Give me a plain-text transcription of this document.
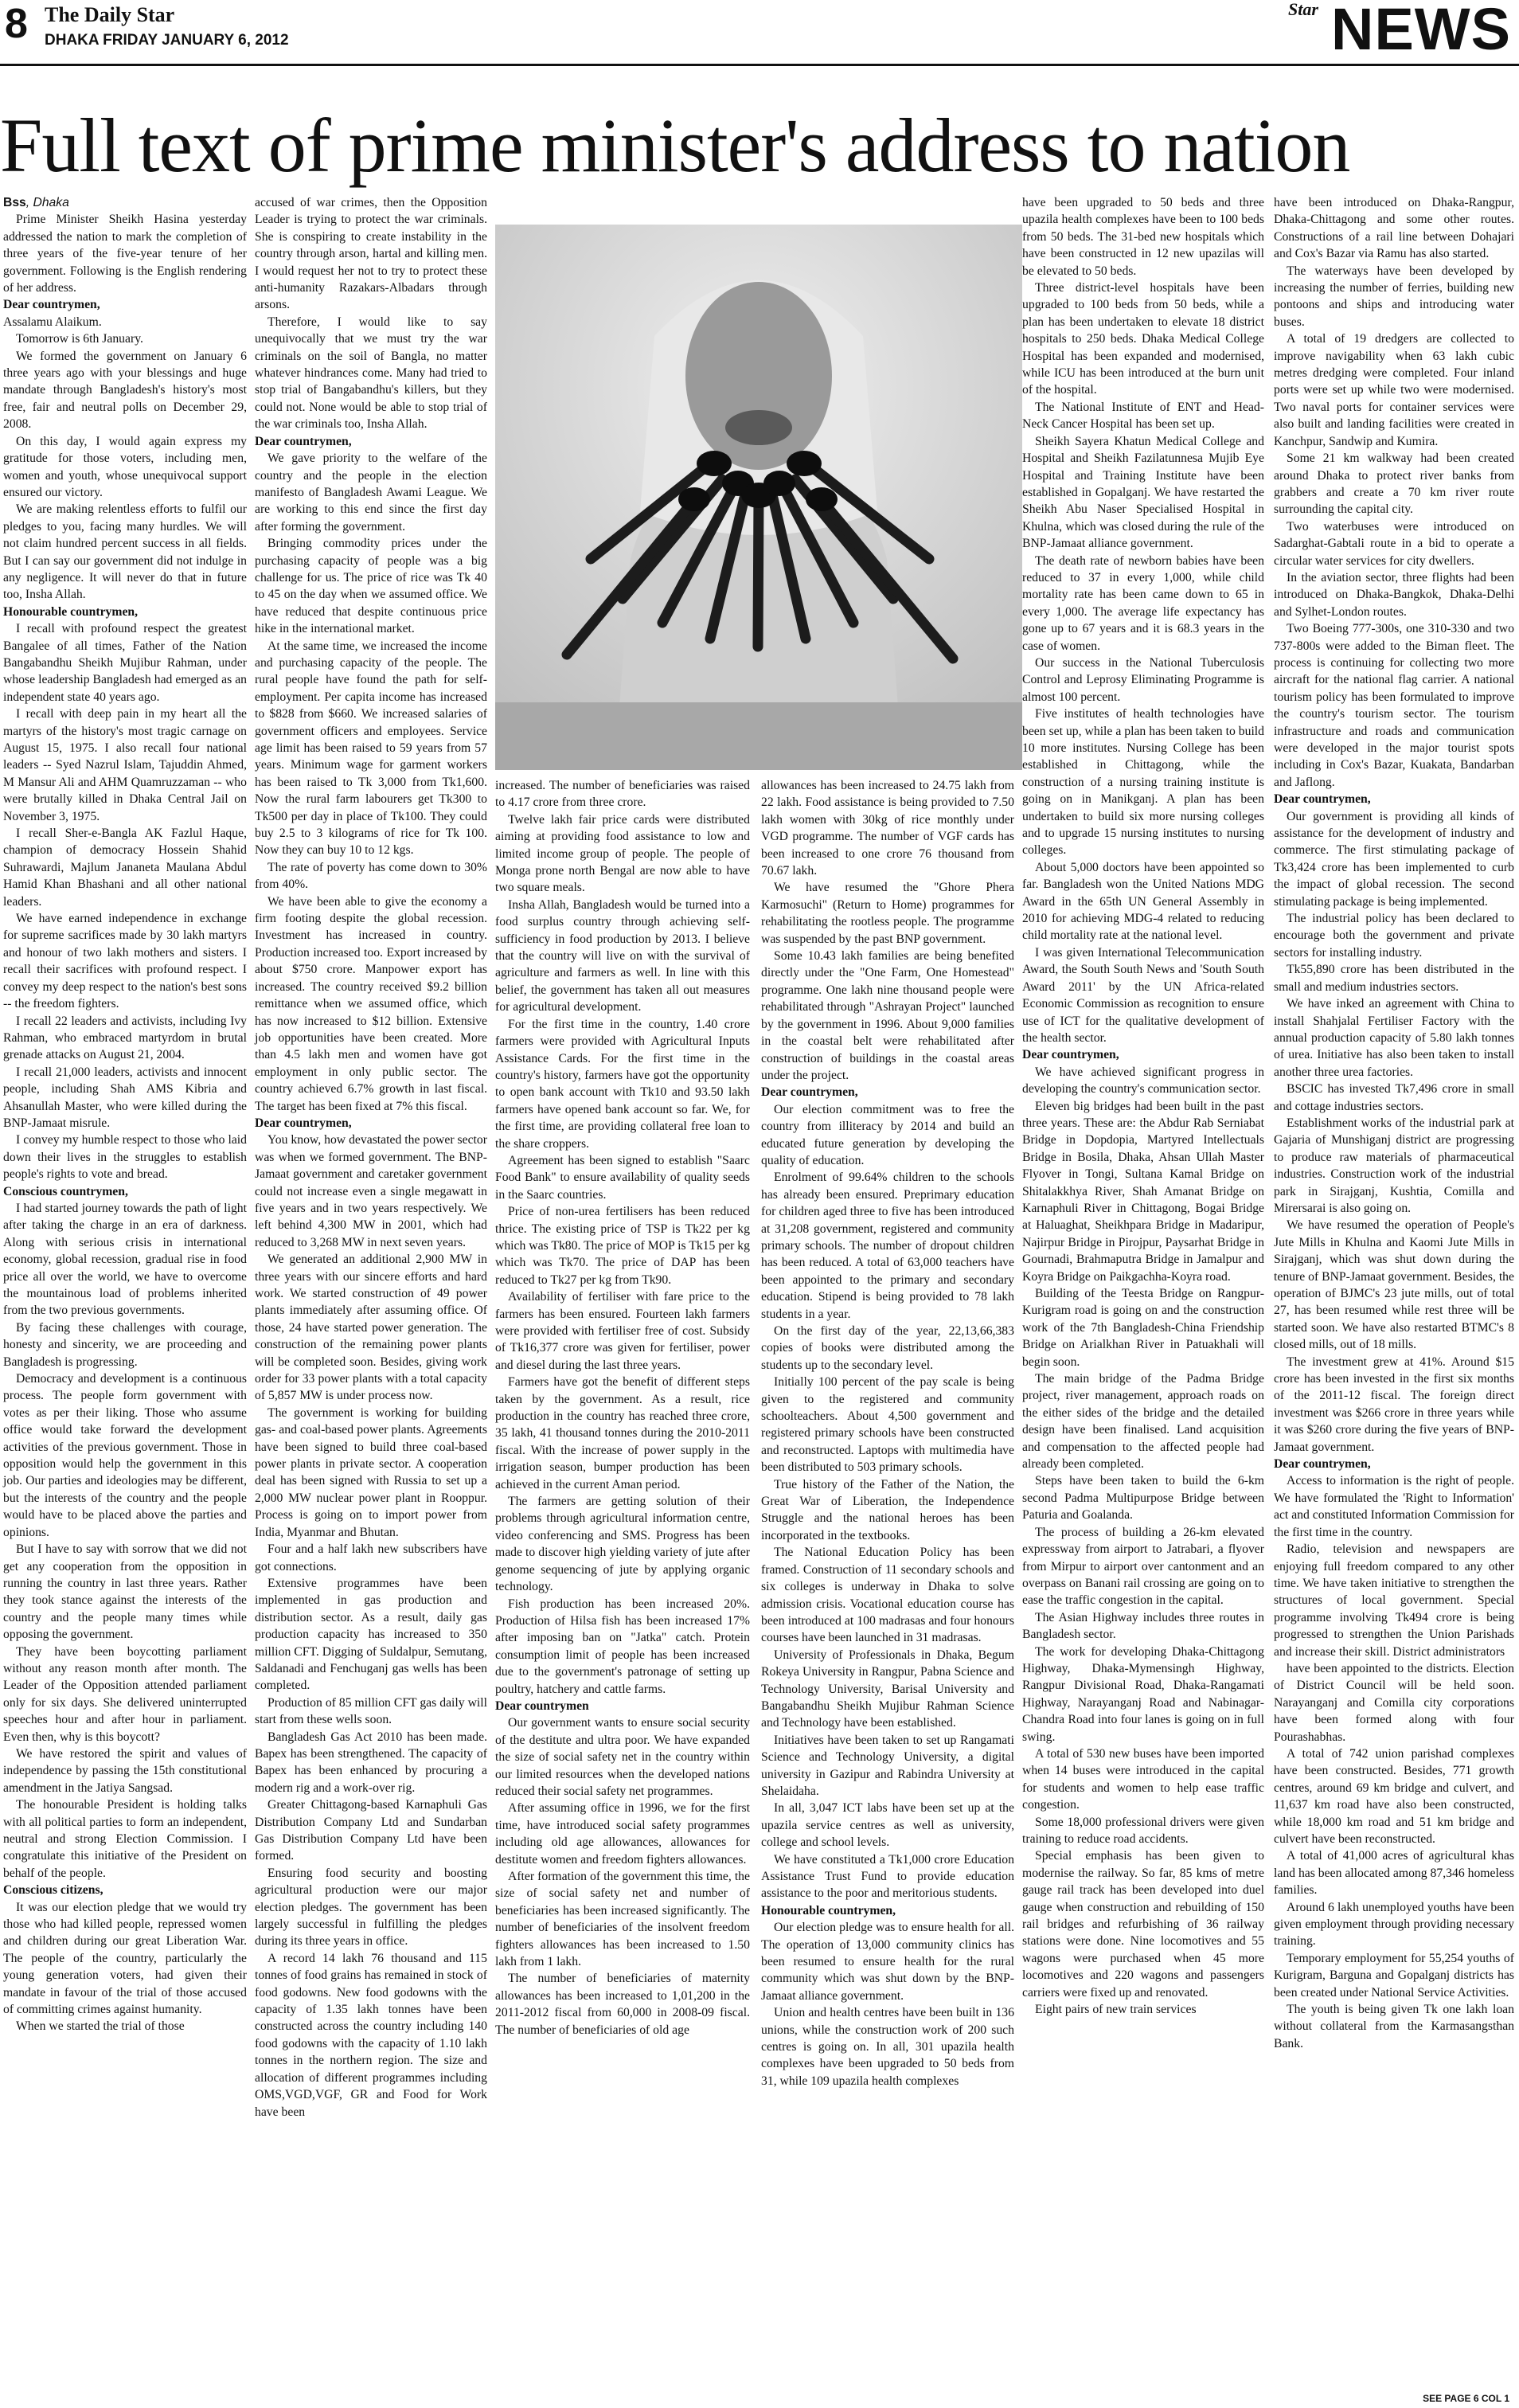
8 The Daily Star
DHAKA FRIDAY JANUARY 6, 2012
Star NEWS
Full text of prime minister's address to nation

Bss, Dhaka

Prime Minister Sheikh Hasina yesterday addressed the nation to mark the completion of three years of the five-year tenure of her government. Following is the English rendering of her address.

Dear countrymen,

Assalamu Alaikum.

Tomorrow is 6th January.

We formed the government on January 6 three years ago with your blessings and huge mandate through Bangladesh's history's most free, fair and neutral polls on December 29, 2008.

On this day, I would again express my gratitude for those voters, including men, women and youth, whose unequivocal support ensured our victory.

We are making relentless efforts to fulfil our pledges to you, facing many hurdles. We will not claim hundred percent success in all fields. But I can say our government did not indulge in any negligence. It will never do that in future too, Insha Allah.

Honourable countrymen,

I recall with profound respect the greatest Bangalee of all times, Father of the Nation Bangabandhu Sheikh Mujibur Rahman, under whose leadership Bangladesh had emerged as an independent state 40 years ago.

I recall with deep pain in my heart all the martyrs of the history's most tragic carnage on August 15, 1975. I also recall four national leaders -- Syed Nazrul Islam, Tajuddin Ahmed, M Mansur Ali and AHM Quamruzzaman -- who were brutally killed in Dhaka Central Jail on November 3, 1975.

I recall Sher-e-Bangla AK Fazlul Haque, champion of democracy Hossein Shahid Suhrawardi, Majlum Jananeta Maulana Abdul Hamid Khan Bhashani and all other national leaders.

We have earned independence in exchange for supreme sacrifices made by 30 lakh martyrs and honour of two lakh mothers and sisters. I recall their sacrifices with profound respect. I convey my deep respect to the nation's best sons -- the freedom fighters.

I recall 22 leaders and activists, including Ivy Rahman, who embraced martyrdom in brutal grenade attacks on August 21, 2004.

I recall 21,000 leaders, activists and innocent people, including Shah AMS Kibria and Ahsanullah Master, who were killed during the BNP-Jamaat misrule.

I convey my humble respect to those who laid down their lives in the struggles to establish people's rights to vote and bread.

Conscious countrymen,

I had started journey towards the path of light after taking the charge in an era of darkness. Along with serious crisis in international economy, global recession, gradual rise in food price all over the world, we have to overcome the mountainous load of problems inherited from the two previous governments.

By facing these challenges with courage, honesty and sincerity, we are proceeding and Bangladesh is progressing.

Democracy and development is a continuous process. The people form government with votes as per their liking. Those who assume office would take forward the development activities of the previous government. Those in opposition would help the government in this job. Our parties and ideologies may be different, but the interests of the country and the people would have to be placed above the parties and opinions.

But I have to say with sorrow that we did not get any cooperation from the opposition in running the country in last three years. Rather they took stance against the interests of the country and the people many times while opposing the government.

They have been boycotting parliament without any reason month after month. The Leader of the Opposition attended parliament only for six days. She delivered uninterrupted speeches hour and after hour in parliament. Even then, why is this boycott?

We have restored the spirit and values of independence by passing the 15th constitutional amendment in the Jatiya Sangsad.

The honourable President is holding talks with all political parties to form an independent, neutral and strong Election Commission. I congratulate this initiative of the President on behalf of the people.

Conscious citizens,

It was our election pledge that we would try those who had killed people, repressed women and children during our great Liberation War. The people of the country, particularly the young generation voters, had given their mandate in favour of the trial of those accused of committing crimes against humanity.

When we started the trial of those

accused of war crimes, then the Opposition Leader is trying to protect the war criminals. She is conspiring to create instability in the country through arson, hartal and killing men. I would request her not to try to protect these anti-humanity Razakars-Albadars through arsons.

Therefore, I would like to say unequivocally that we must try the war criminals on the soil of Bangla, no matter whatever hindrances come. Many had tried to stop trial of Bangabandhu's killers, but they could not. None would be able to stop trial of the war criminals too, Insha Allah.

Dear countrymen,

We gave priority to the welfare of the country and the people in the election manifesto of Bangladesh Awami League. We are working to this end since the first day after forming the government.

Bringing commodity prices under the purchasing capacity of people was a big challenge for us. The price of rice was Tk 40 to 45 on the day when we assumed office. We have reduced that despite continuous price hike in the international market.

At the same time, we increased the income and purchasing capacity of the people. The rural people have found the path for self-employment. Per capita income has increased to $828 from $660. We increased salaries of government officers and employees. Service age limit has been raised to 59 years from 57 years. Minimum wage for garment workers has been raised to Tk 3,000 from Tk1,600. Now the rural farm labourers get Tk300 to Tk500 per day in place of Tk100. They could buy 2.5 to 3 kilograms of rice for Tk 100. Now they can buy 10 to 12 kgs.

The rate of poverty has come down to 30% from 40%.

We have been able to give the economy a firm footing despite the global recession. Investment has increased in country. Production increased too. Export increased by about $750 crore. Manpower export has increased. The country received $9.2 billion remittance when we assumed office, which has now increased to $12 billion. Extensive job opportunities have been created. More than 4.5 lakh men and women have got employment in only public sector. The country achieved 6.7% growth in last fiscal. The target has been fixed at 7% this fiscal.

Dear countrymen,

You know, how devastated the power sector was when we formed government. The BNP-Jamaat government and caretaker government could not increase even a single megawatt in five years and in two years respectively. We left behind 4,300 MW in 2001, which had reduced to 3,268 MW in next seven years.

We generated an additional 2,900 MW in three years with our sincere efforts and hard work. We started construction of 49 power plants immediately after assuming office. Of those, 24 have started power generation. The construction of the remaining power plants will be completed soon. Besides, giving work order for 33 power plants with a total capacity of 5,857 MW is under process now.

The government is working for building gas- and coal-based power plants. Agreements have been signed to build three coal-based power plants in private sector. A cooperation deal has been signed with Russia to set up a 2,000 MW nuclear power plant in Rooppur. Process is going on to import power from India, Myanmar and Bhutan.

Four and a half lakh new subscribers have got connections.

Extensive programmes have been implemented in gas production and distribution sector. As a result, daily gas production capacity has increased to 350 million CFT. Digging of Suldalpur, Semutang, Saldanadi and Fenchuganj gas wells has been completed.

Production of 85 million CFT gas daily will start from these wells soon.

Bangladesh Gas Act 2010 has been made. Bapex has been strengthened. The capacity of Bapex has been enhanced by procuring a modern rig and a work-over rig.

Greater Chittagong-based Karnaphuli Gas Distribution Company Ltd and Sundarban Gas Distribution Company Ltd have been formed.

Ensuring food security and boosting agricultural production were our major election pledges. The government has been largely successful in fulfilling the pledges during its three years in office.

A record 14 lakh 76 thousand and 115 tonnes of food grains has remained in stock of food godowns. New food godowns with the capacity of 1.35 lakh tonnes have been constructed across the country including 140 food godowns with the capacity of 1.10 lakh tonnes in the northern region. The size and allocation of different programmes including OMS,VGD,VGF, GR and Food for Work have been

increased. The number of beneficiaries was raised to 4.17 crore from three crore.

Twelve lakh fair price cards were distributed aiming at providing food assistance to low and limited income group of people. The people of Monga prone north Bengal are now able to have two square meals.

Insha Allah, Bangladesh would be turned into a food surplus country through achieving self-sufficiency in food production by 2013. I believe that the country will live on with the survival of agriculture and farmers as well. In line with this belief, the government has taken all out measures for agricultural development.

For the first time in the country, 1.40 crore farmers were provided with Agricultural Inputs Assistance Cards. For the first time in the country's history, farmers have got the opportunity to open bank account with Tk10 and 93.50 lakh farmers have opened bank account so far. We, for the first time, are providing collateral free loan to the share croppers.

Agreement has been signed to establish "Saarc Food Bank" to ensure availability of quality seeds in the Saarc countries.

Price of non-urea fertilisers has been reduced thrice. The existing price of TSP is Tk22 per kg which was Tk80. The price of MOP is Tk15 per kg which was Tk70. The price of DAP has been reduced to Tk27 per kg from Tk90.

Availability of fertiliser with fare price to the farmers has been ensured. Fourteen lakh farmers were provided with fertiliser free of cost. Subsidy of Tk16,377 crore was given for fertiliser, power and diesel during the last three years.

Farmers have got the benefit of different steps taken by the government. As a result, rice production in the country has reached three crore, 35 lakh, 41 thousand tonnes during the 2010-2011 fiscal. With the increase of power supply in the irrigation season, bumper production has been achieved in the current Aman period.

The farmers are getting solution of their problems through agricultural information centre, video conferencing and SMS. Progress has been made to discover high yielding variety of jute after genome sequencing of jute by applying organic technology.

Fish production has been increased 20%. Production of Hilsa fish has been increased 17% after imposing ban on "Jatka" catch. Protein consumption limit of people has been increased due to the government's patronage of setting up poultry, hatchery and cattle farms.

Dear countrymen

Our government wants to ensure social security of the destitute and ultra poor. We have expanded the size of social safety net in the country within our limited resources when the developed nations reduced their social safety net programmes.

After assuming office in 1996, we for the first time, have introduced social safety programmes including old age allowances, allowances for destitute women and freedom fighters allowances.

After formation of the government this time, the size of social safety net and number of beneficiaries has been increased significantly. The number of beneficiaries of the insolvent freedom fighters allowances has been increased to 1.50 lakh from 1 lakh.

The number of beneficiaries of maternity allowances has been increased to 1,01,200 in the 2011-2012 fiscal from 60,000 in 2008-09 fiscal. The number of beneficiaries of old age

allowances has been increased to 24.75 lakh from 22 lakh. Food assistance is being provided to 7.50 lakh women with 30kg of rice monthly under VGD programme. The number of VGF cards has been increased to one crore 76 thousand from 70.67 lakh.

We have resumed the "Ghore Phera Karmosuchi" (Return to Home) programmes for rehabilitating the rootless people. The programme was suspended by the past BNP government.

Some 10.43 lakh families are being benefited directly under the "One Farm, One Homestead" programme. One lakh nine thousand people were rehabilitated through "Ashrayan Project" launched by the government in 1996. About 9,000 families in the coastal belt were rehabilitated after construction of buildings in the coastal areas under the project.

Dear countrymen,

Our election commitment was to free the country from illiteracy by 2014 and build an educated future generation by developing the quality of education.

Enrolment of 99.64% children to the schools has already been ensured. Preprimary education for children aged three to five has been introduced at 31,208 government, registered and community primary schools. The number of dropout children has been reduced. A total of 63,000 teachers have been appointed to the primary and secondary education. Stipend is being provided to 78 lakh students in a year.

On the first day of the year, 22,13,66,383 copies of books were distributed among the students up to the secondary level.

Initially 100 percent of the pay scale is being given to the registered and community schoolteachers. About 4,500 government and registered primary schools have been constructed and reconstructed. Laptops with multimedia have been distributed to 503 primary schools.

True history of the Father of the Nation, the Great War of Liberation, the Independence Struggle and the national heroes has been incorporated in the textbooks.

The National Education Policy has been framed. Construction of 11 secondary schools and six colleges is underway in Dhaka to solve admission crisis. Vocational education course has been introduced at 100 madrasas and four honours courses have been launched in 31 madrasas.

University of Professionals in Dhaka, Begum Rokeya University in Rangpur, Pabna Science and Technology University, Barisal University and Bangabandhu Sheikh Mujibur Rahman Science and Technology have been established.

Initiatives have been taken to set up Rangamati Science and Technology University, a digital university in Gazipur and Rabindra University at Shelaidaha.

In all, 3,047 ICT labs have been set up at the upazila service centres as well as university, college and school levels.

We have constituted a Tk1,000 crore Education Assistance Trust Fund to provide education assistance to the poor and meritorious students.

Honourable countrymen,

Our election pledge was to ensure health for all. The operation of 13,000 community clinics has been resumed to ensure health for the rural community which was shut down by the BNP-Jamaat alliance government.

Union and health centres have been built in 136 unions, while the construction work of 200 such centres is going on. In all, 301 upazila health complexes have been upgraded to 50 beds from 31, while 109 upazila health complexes

have been upgraded to 50 beds and three upazila health complexes have been to 100 beds from 50 beds. The 31-bed new hospitals which have been constructed in 12 new upazilas will be elevated to 50 beds.

Three district-level hospitals have been upgraded to 100 beds from 50 beds, while a plan has been undertaken to elevate 18 district hospitals to 250 beds. Dhaka Medical College Hospital has been expanded and modernised, while ICU has been introduced at the burn unit of the hospital.

The National Institute of ENT and Head-Neck Cancer Hospital has been set up.

Sheikh Sayera Khatun Medical College and Hospital and Sheikh Fazilatunnesa Mujib Eye Hospital and Training Institute have been established in Gopalganj. We have restarted the Sheikh Abu Naser Specialised Hospital in Khulna, which was closed during the rule of the BNP-Jamaat alliance government.

The death rate of newborn babies have been reduced to 37 in every 1,000, while child mortality rate has been came down to 65 in every 1,000. The average life expectancy has gone up to 67 years and it is 68.3 years in the case of women.

Our success in the National Tuberculosis Control and Leprosy Eliminating Programme is almost 100 percent.

Five institutes of health technologies have been set up, while a plan has been taken to build 10 more institutes. Nursing College has been established in Chittagong, while the construction of a nursing training institute is going on in Manikganj. A plan has been undertaken to build six more nursing colleges and to upgrade 15 nursing institutes to nursing colleges.

About 5,000 doctors have been appointed so far. Bangladesh won the United Nations MDG Award in the 65th UN General Assembly in 2010 for achieving MDG-4 related to reducing child mortality rate at the national level.

I was given International Telecommunication Award, the South South News and 'South South Award 2011' by the UN Africa-related Economic Commission as recognition to ensure use of ICT for the qualitative development of the health sector.

Dear countrymen,

We have achieved significant progress in developing the country's communication sector.

Eleven big bridges had been built in the past three years. These are: the Abdur Rab Serniabat Bridge in Dopdopia, Martyred Intellectuals Bridge in Bosila, Dhaka, Ahsan Ullah Master Flyover in Tongi, Sultana Kamal Bridge on Shitalakkhya River, Shah Amanat Bridge on Karnaphuli River in Chittagong, Bogai Bridge at Haluaghat, Sheikhpara Bridge in Madaripur, Najirpur Bridge in Pirojpur, Paysarhat Bridge in Gournadi, Brahmaputra Bridge in Jamalpur and Koyra Bridge on Paikgachha-Koyra road.

Building of the Teesta Bridge on Rangpur-Kurigram road is going on and the construction work of the 7th Bangladesh-China Friendship Bridge on Arialkhan River in Patuakhali will begin soon.

The main bridge of the Padma Bridge project, river management, approach roads on the either sides of the bridge and the detailed design have been finalised. Land acquisition and compensation to the affected people had already been completed.

Steps have been taken to build the 6-km second Padma Multipurpose Bridge between Paturia and Goalanda.

The process of building a 26-km elevated expressway from airport to Jatrabari, a flyover from Mirpur to airport over cantonment and an overpass on Banani rail crossing are going on to ease the traffic congestion in the capital.

The Asian Highway includes three routes in Bangladesh sector.

The work for developing Dhaka-Chittagong Highway, Dhaka-Mymensingh Highway, Rangpur Divisional Road, Dhaka-Rangamati Highway, Narayanganj Road and Nabinagar-Chandra Road into four lanes is going on in full swing.

A total of 530 new buses have been imported when 14 buses were introduced in the capital for students and women to help ease traffic congestion.

Some 18,000 professional drivers were given training to reduce road accidents.

Special emphasis has been given to modernise the railway. So far, 85 kms of metre gauge rail track has been developed into duel gauge when construction and rebuilding of 150 rail bridges and refurbishing of 36 railway stations were done. Nine locomotives and 55 wagons were purchased when 45 more locomotives and 220 wagons and passengers carriers were fixed up and renovated.

Eight pairs of new train services

have been introduced on Dhaka-Rangpur, Dhaka-Chittagong and some other routes. Constructions of a rail line between Dohajari and Cox's Bazar via Ramu has also started.

The waterways have been developed by increasing the number of ferries, building new pontoons and ships and introducing water buses.

A total of 19 dredgers are collected to improve navigability when 63 lakh cubic metres dredging were completed. Four inland ports were set up while two were modernised. Two naval ports for container services were also built and landing facilities were created in Kanchpur, Sandwip and Kumira.

Some 21 km walkway had been created around Dhaka to protect river banks from grabbers and create a 70 km river route surrounding the capital city.

Two waterbuses were introduced on Sadarghat-Gabtali route in a bid to operate a circular water services for city dwellers.

In the aviation sector, three flights had been introduced on Dhaka-Bangkok, Dhaka-Delhi and Sylhet-London routes.

Two Boeing 777-300s, one 310-330 and two 737-800s were added to the Biman fleet. The process is continuing for collecting two more aircraft for the national flag carrier. A national tourism policy has been formulated to improve the country's tourism sector. The tourism infrastructure and roads and communication were developed in the major tourist spots including in Cox's Bazar, Kuakata, Bandarban and Jaflong.

Dear countrymen,

Our government is providing all kinds of assistance for the development of industry and commerce. The first stimulating package of Tk3,424 crore has been implemented to curb the impact of global recession. The second stimulating package is being implemented.

The industrial policy has been declared to encourage both the government and private sectors for installing industry.

Tk55,890 crore has been distributed in the small and medium industries sectors.

We have inked an agreement with China to install Shahjalal Fertiliser Factory with the annual production capacity of 5.80 lakh tonnes of urea. Initiative has also been taken to install another three urea factories.

BSCIC has invested Tk7,496 crore in small and cottage industries sectors.

Establishment works of the industrial park at Gajaria of Munshiganj district are progressing to produce raw materials of pharmaceutical industries. Construction work of the industrial park in Sirajganj, Kushtia, Comilla and Mirersarai is also going on.

We have resumed the operation of People's Jute Mills in Khulna and Kaomi Jute Mills in Sirajganj, which was shut down during the tenure of BNP-Jamaat government. Besides, the operation of BJMC's 23 jute mills, out of total 27, has been resumed while rest three will be started soon. We have also restarted BTMC's 8 closed mills, out of 18 mills.

The investment grew at 41%. Around $15 crore has been invested in the first six months of the 2011-12 fiscal. The foreign direct investment was $266 crore in three years while it was $260 crore during the five years of BNP-Jamaat government.

Dear countrymen,

Access to information is the right of people. We have formulated the 'Right to Information' act and constituted Information Commission for the first time in the country.

Radio, television and newspapers are enjoying full freedom compared to any other time. We have taken initiative to strengthen the structures of local government. Special programme involving Tk494 crore is being progressed to strengthen the Union Parishads and increase their skill. District administrators

have been appointed to the districts. Election of District Council will be held soon. Narayanganj and Comilla city corporations have been formed along with four Pourashabhas.

A total of 742 union parishad complexes have been constructed. Besides, 771 growth centres, around 69 km bridge and culvert, and 11,637 km road have also been constructed, while 18,000 km road and 51 km bridge and culvert have been reconstructed.

A total of 41,000 acres of agricultural khas land has been allocated among 87,346 homeless families.

Around 6 lakh unemployed youths have been given employment through providing necessary training.

Temporary employment for 55,254 youths of Kurigram, Barguna and Gopalganj districts has been created under National Service Activities.

The youth is being given Tk one lakh loan without collateral from the Karmasangsthan Bank.

SEE PAGE 6 COL 1
